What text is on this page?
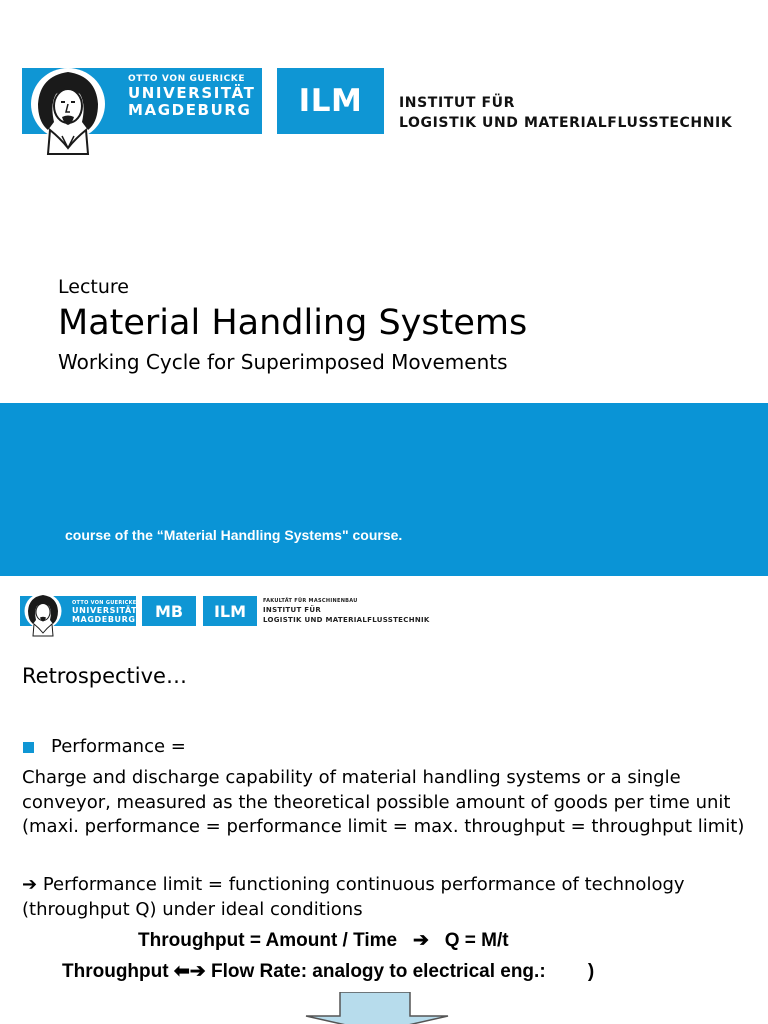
OTTO VON GUERICKE
UNIVERSITÄT
MAGDEBURG	ILM	INSTITUT FÜR
LOGISTIK UND MATERIALFLUSSTECHNIK
Lecture
Material Handling Systems
Working Cycle for Superimposed Movements
course of the “Material Handling Systems" course.
OTTO VON GUERICKE
UNIVERSITÄT
MAGDEBURG	MB	ILM
FAKULTÄT FÜR MASCHINENBAU
INSTITUT FÜR
LOGISTIK UND MATERIALFLUSSTECHNIK
Retrospective…
Performance =
Charge and discharge capability of material handling systems or a single conveyor, measured as the theoretical possible amount of goods per time unit (maxi. performance = performance limit = max. throughput = throughput limit)
➔ Performance limit = functioning continuous performance of technology (throughput Q) under ideal conditions
Throughput = Amount / Time   ➔   Q = M/t
Throughput ⬅➔ Flow Rate: analogy to electrical eng.:        )
